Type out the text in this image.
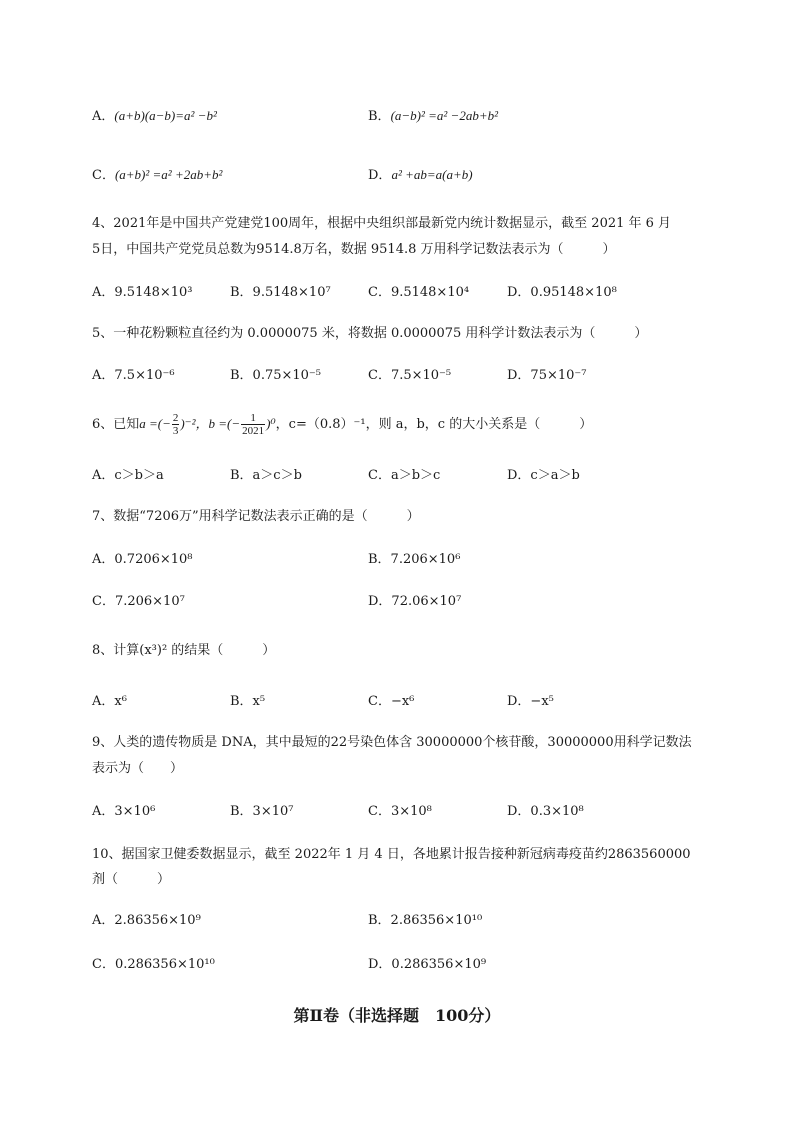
A．(a+b)(a−b)=a² −b²	B．(a−b)² =a² −2ab+b²
C．(a+b)² =a² +2ab+b²	D．a² +ab=a(a+b)
4、2021年是中国共产党建党100周年，根据中央组织部最新党内统计数据显示，截至 2021 年 6 月
5日，中国共产党党员总数为9514.8万名，数据 9514.8 万用科学记数法表示为（　　　）
A．9.5148×10³	B．9.5148×10⁷	C．9.5148×10⁴	D．0.95148×10⁸
5、一种花粉颗粒直径约为 0.0000075 米，将数据 0.0000075 用科学计数法表示为（　　　）
A．7.5×10⁻⁶	B．0.75×10⁻⁵	C．7.5×10⁻⁵	D．75×10⁻⁷
6、已知a =(− $\frac{2}{3} )^{-2}$，b =(− $\frac{1}{2021} )^0$，c=（0.8）⁻¹，则 a，b，c 的大小关系是（　　　）
A．c＞b＞a	B．a＞c＞b	C．a＞b＞c	D．c＞a＞b
7、数据“7206万”用科学记数法表示正确的是（　　　）
A．0.7206×10⁸	B．7.206×10⁶
C．7.206×10⁷	D．72.06×10⁷
8、计算(x³)² 的结果（　　　）
A．x⁶	B．x⁵	C．−x⁶	D．−x⁵
9、人类的遗传物质是 DNA，其中最短的22号染色体含 30000000个核苷酸，30000000用科学记数法
表示为（　　）
A．3×10⁶	B．3×10⁷	C．3×10⁸	D．0.3×10⁸
10、据国家卫健委数据显示，截至 2022年 1 月 4 日，各地累计报告接种新冠病毒疫苗约2863560000
剂（　　　）
A．2.86356×10⁹	B．2.86356×10¹⁰
C．0.286356×10¹⁰	D．0.286356×10⁹
第Ⅱ卷（非选择题　100分）
